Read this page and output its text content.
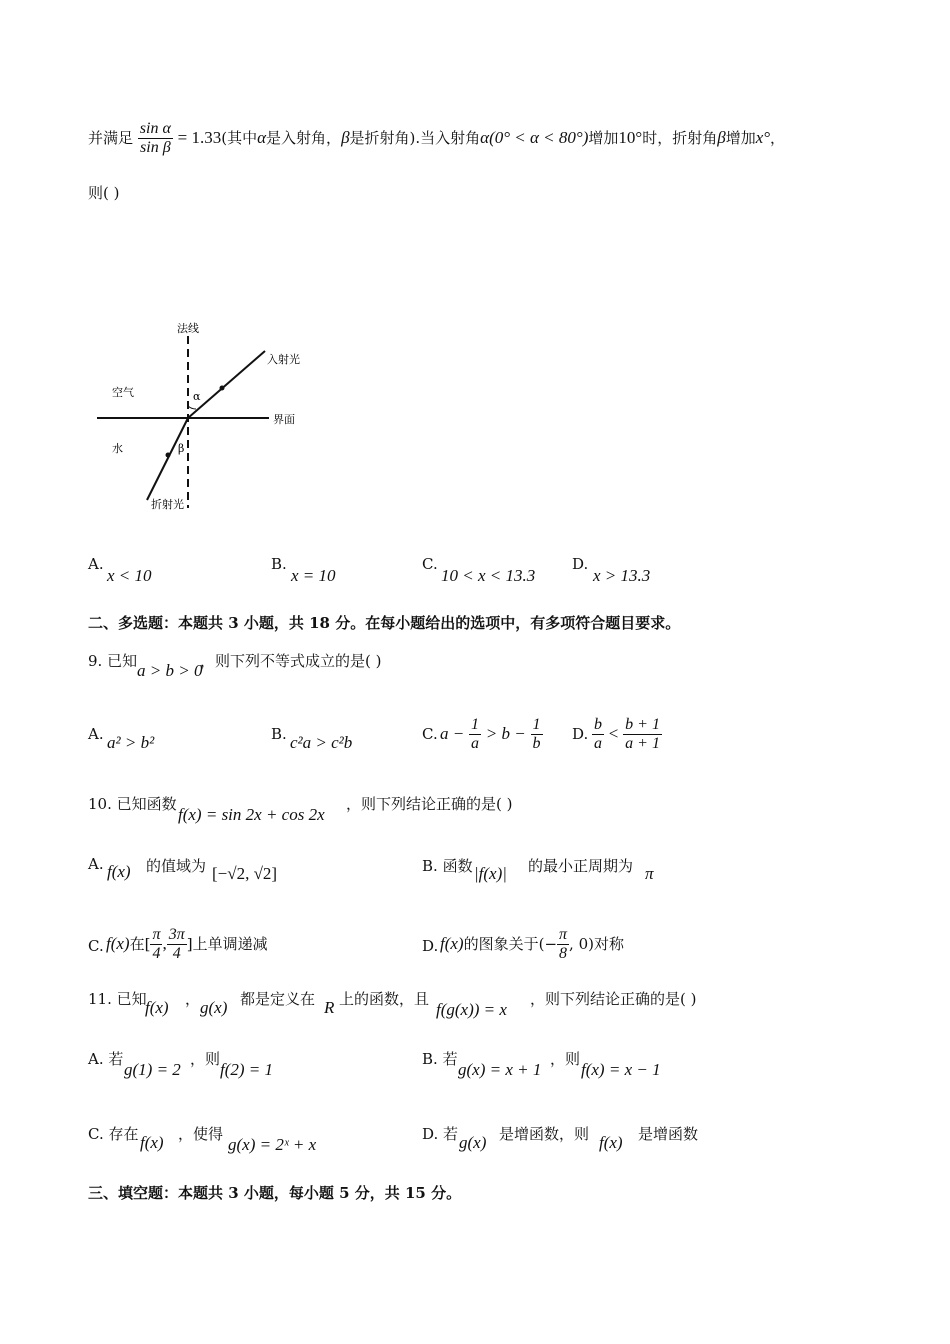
并满足 $\frac{\text{sin α}}{\text{sin β}} = 1.33$(其中α是入射角，β是折射角).当入射角α(0° < α < 80°)增加10°时，折射角β增加x°，
则( )
法线
入射光
空气	α
界面
水	β
折射光
A.
x < 10
B.
x = 10
C.
10 < x < 13.3
D.
x > 13.3
二、多选题：本题共 3 小题，共 18 分。在每小题给出的选项中，有多项符合题目要求。
9. 已知 a > b > 0
，则下列不等式成立的是( )
A. a² > b²	B. c²a > c²b	C. $a - \frac{1}{a} > b - \frac{1}{b} D$. $\frac{b}{a} < \frac{b + 1}{a + 1}$
10. 已知函数
f(x) = sin 2x + cos 2x
，则下列结论正确的是( )
A. f(x) 的值域为 [−√2, √2]	B. 函数 |f(x)| 的最小正周期为 π
C. f(x)在[ $\frac{\pi}{4}$ , $\frac{3\pi}{4}$ ]上单调递减	D. f(x)的图象关于(− $\frac{\pi}{8}$ , 0)对称
11. 已知
f(x) ， g(x) 都是定义在 R 上的函数，且
f(g(x)) = x
，则下列结论正确的是( )
A. 若
g(1) = 2
，则
f(2) = 1
B. 若
g(x) = x + 1
，则
f(x) = x − 1
C. 存在 f(x) ，使得
g(x) = 2ˣ + x
D. 若 g(x) 是增函数，则 f(x) 是增函数
三、填空题：本题共 3 小题，每小题 5 分，共 15 分。
